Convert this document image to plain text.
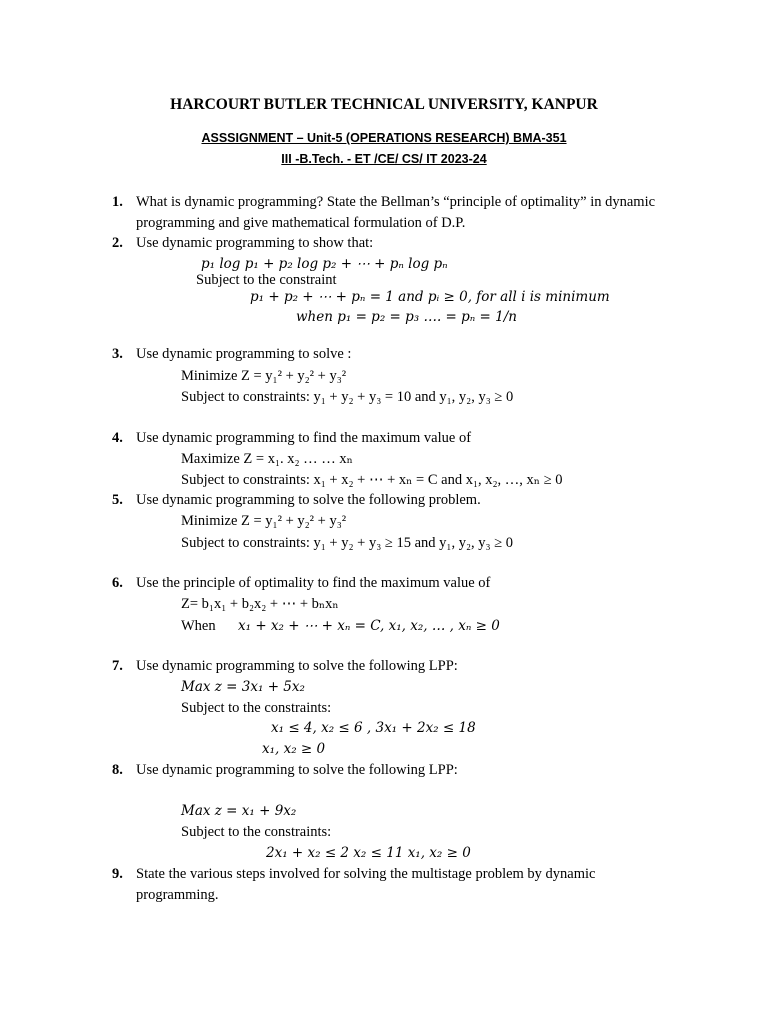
HARCOURT BUTLER TECHNICAL UNIVERSITY, KANPUR
ASSSIGNMENT – Unit-5 (OPERATIONS RESEARCH) BMA-351
III -B.Tech. - ET /CE/ CS/ IT 2023-24
1. What is dynamic programming? State the Bellman’s “principle of optimality” in dynamic
programming and give mathematical formulation of D.P.
2. Use dynamic programming to show that:
p₁ log p₁ + p₂ log p₂ + ⋯ + pₙ log pₙ
Subject to the constraint
p₁ + p₂ + ⋯ + pₙ = 1 and pᵢ ≥ 0, for all i is minimum
when p₁ = p₂ = p₃ …. = pₙ = 1/n
3. Use dynamic programming to solve :
Minimize Z = y₁² + y₂² + y₃²
Subject to constraints: y₁ + y₂ + y₃ = 10 and y₁, y₂, y₃ ≥ 0
4. Use dynamic programming to find the maximum value of
Maximize Z = x₁. x₂ … … xₙ
Subject to constraints: x₁ + x₂ + ⋯ + xₙ = C and x₁, x₂, …, xₙ ≥ 0
5. Use dynamic programming to solve the following problem.
Minimize Z = y₁² + y₂² + y₃²
Subject to constraints: y₁ + y₂ + y₃ ≥ 15 and y₁, y₂, y₃ ≥ 0
6. Use the principle of optimality to find the maximum value of
Z= b₁x₁ + b₂x₂ + ⋯ + bₙxₙ
When x₁ + x₂ + ⋯ + xₙ = C, x₁, x₂, … , xₙ ≥ 0
7. Use dynamic programming to solve the following LPP:
Max z = 3x₁ + 5x₂
Subject to the constraints:
x₁ ≤ 4, x₂ ≤ 6 , 3x₁ + 2x₂ ≤ 18
x₁, x₂ ≥ 0
8. Use dynamic programming to solve the following LPP:
Max z = x₁ + 9x₂
Subject to the constraints:
2x₁ + x₂ ≤ 2 x₂ ≤ 11 x₁, x₂ ≥ 0
9. State the various steps involved for solving the multistage problem by dynamic
programming.
